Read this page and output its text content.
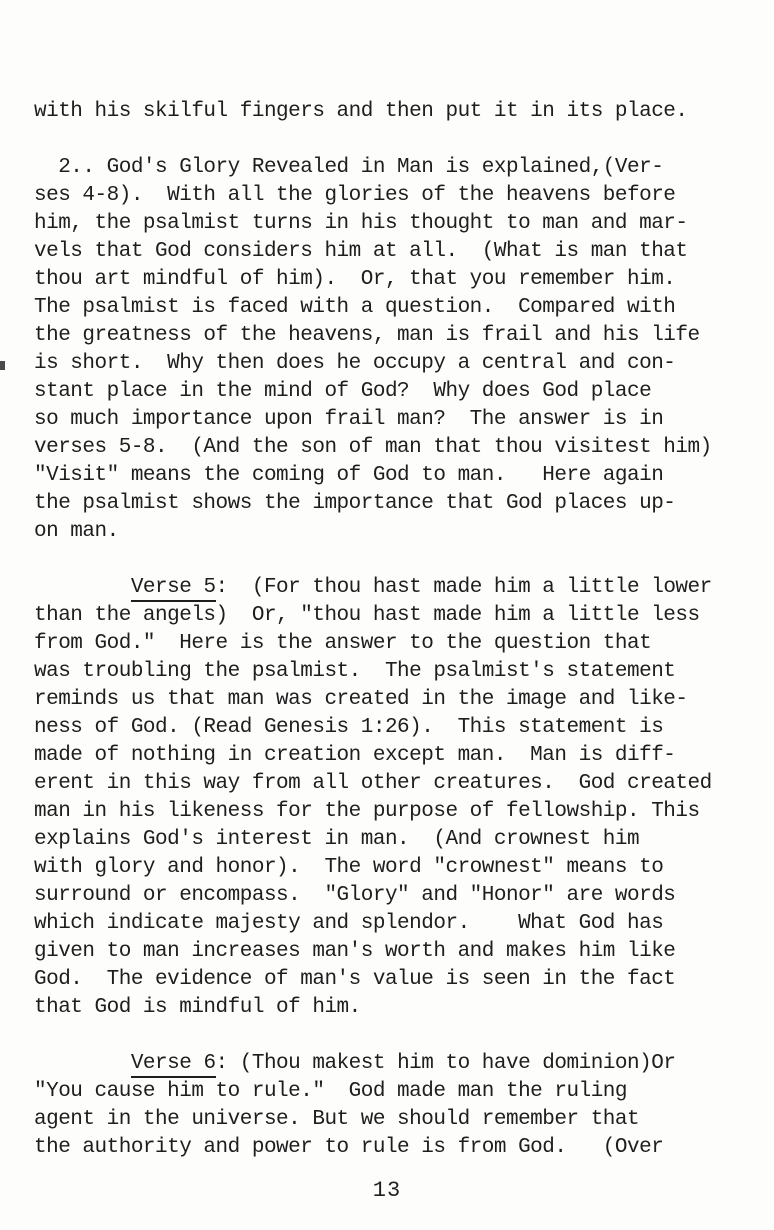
with his skilful fingers and then put it in its place.
2.. God's Glory Revealed in Man is explained,(Ver-
ses 4-8).  With all the glories of the heavens before
him, the psalmist turns in his thought to man and mar-
vels that God considers him at all.  (What is man that
thou art mindful of him).  Or, that you remember him.
The psalmist is faced with a question.  Compared with
the greatness of the heavens, man is frail and his life
is short.  Why then does he occupy a central and con-
stant place in the mind of God?  Why does God place
so much importance upon frail man?  The answer is in
verses 5-8.  (And the son of man that thou visitest him)
"Visit" means the coming of God to man.   Here again
the psalmist shows the importance that God places up-
on man.
Verse 5:  (For thou hast made him a little lower
than the angels)  Or, "thou hast made him a little less
from God."  Here is the answer to the question that
was troubling the psalmist.  The psalmist's statement
reminds us that man was created in the image and like-
ness of God. (Read Genesis 1:26).  This statement is
made of nothing in creation except man.  Man is diff-
erent in this way from all other creatures.  God created
man in his likeness for the purpose of fellowship. This
explains God's interest in man.  (And crownest him
with glory and honor).  The word "crownest" means to
surround or encompass.  "Glory" and "Honor" are words
which indicate majesty and splendor.    What God has
given to man increases man's worth and makes him like
God.  The evidence of man's value is seen in the fact
that God is mindful of him.
Verse 6: (Thou makest him to have dominion)Or
"You cause him to rule."  God made man the ruling
agent in the universe. But we should remember that
the authority and power to rule is from God.   (Over
13
